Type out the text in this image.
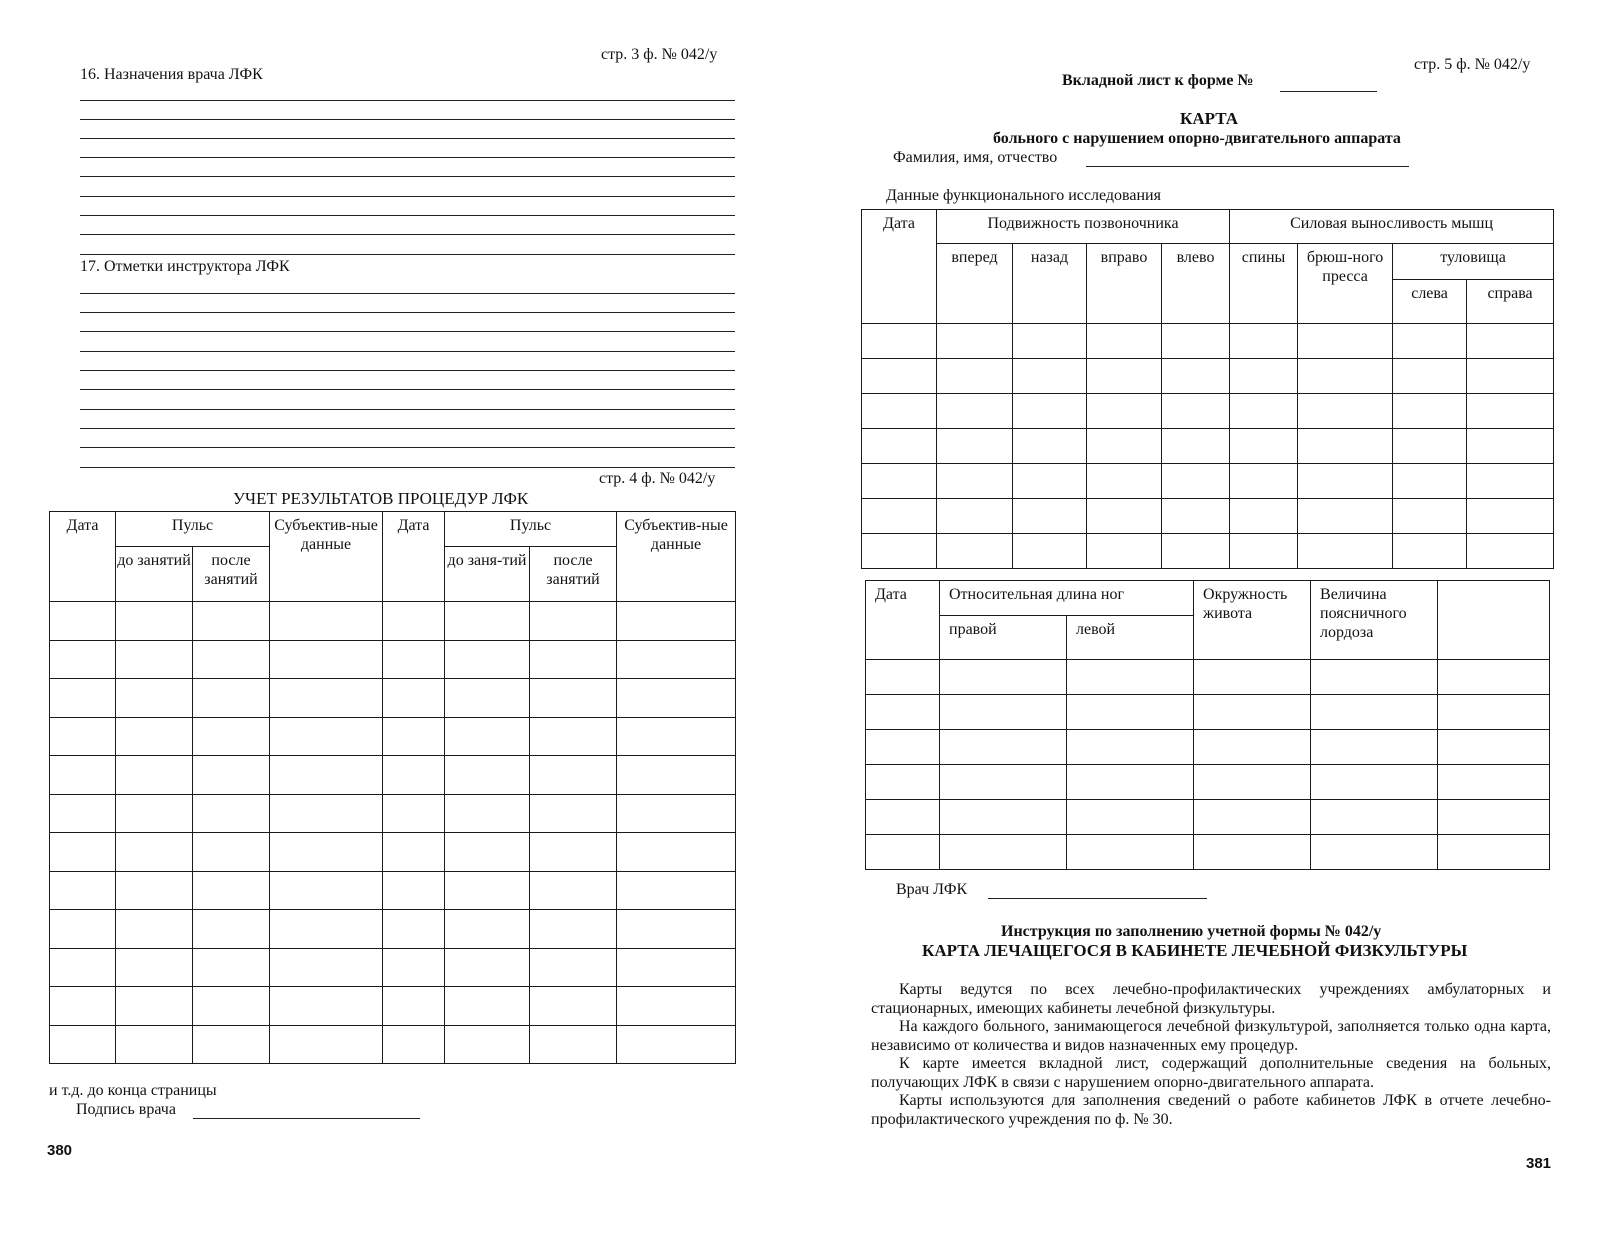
стр. 3 ф. № 042/у
16. Назначения врача ЛФК
17. Отметки инструктора ЛФК
стр. 4 ф. № 042/у
УЧЕТ РЕЗУЛЬТАТОВ ПРОЦЕДУР ЛФК
Дата	Пульс		Субъектив-ные данные	Дата	Пульс		Субъектив-ные данные
	до занятий	после занятий			до заня-тий	после занятий	

и т.д. до конца страницы
Подпись врача
380
стр. 5 ф. № 042/у
Вкладной лист к форме №
КАРТА
больного с нарушением опорно-двигательного аппарата
Фамилия, имя, отчество
Данные функционального исследования
Дата	Подвижность позвоночника				Силовая выносливость мышц			
	вперед	назад	вправо	влево	спины	брюш-ного пресса	туловища	
							слева	справа

Дата	Относительная длина ног		Окружность живота	Величина поясничного лордоза	
	правой	левой			

Врач ЛФК
Инструкция по заполнению учетной формы № 042/у
КАРТА ЛЕЧАЩЕГОСЯ В КАБИНЕТЕ ЛЕЧЕБНОЙ ФИЗКУЛЬТУРЫ

Карты ведутся по всех лечебно-профилактических учреждениях амбулаторных и стационарных, имеющих кабинеты лечебной физкультуры.

На каждого больного, занимающегося лечебной физкультурой, заполняется только одна карта, независимо от количества и видов назначенных ему процедур.

К карте имеется вкладной лист, содержащий дополнительные сведения на больных, получающих ЛФК в связи с нарушением опорно-двигательного аппарата.

Карты используются для заполнения сведений о работе кабинетов ЛФК в отчете лечебно-профилактического учреждения по ф. № 30.

381
